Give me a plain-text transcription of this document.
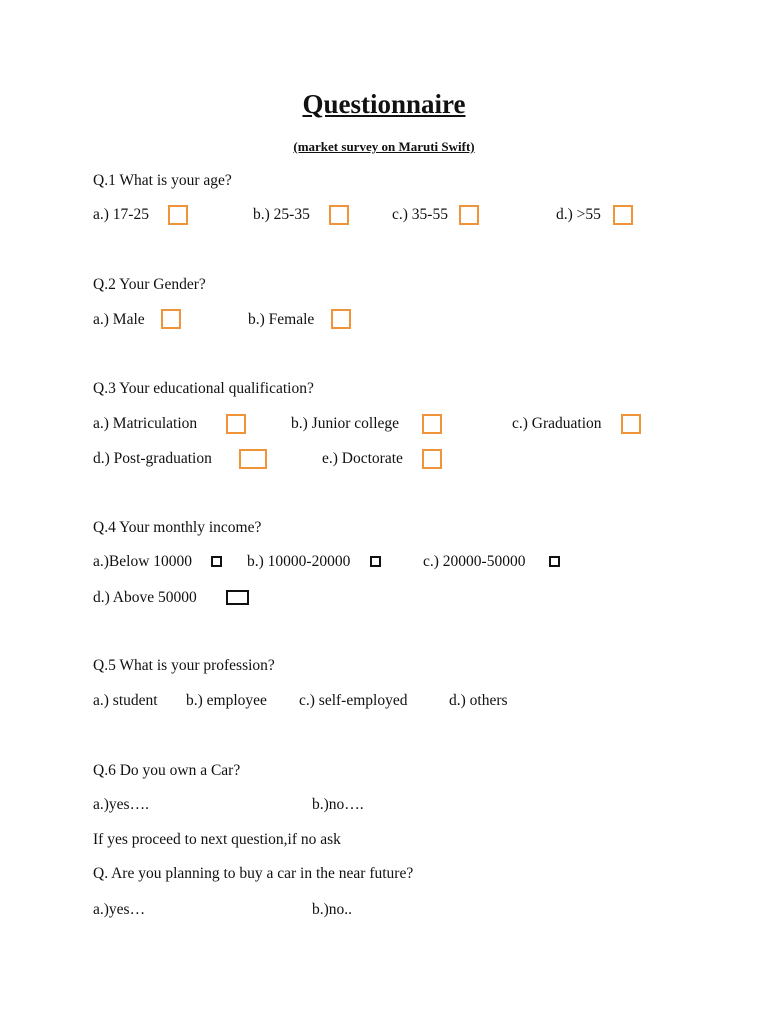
Questionnaire
(market survey on Maruti Swift)
Q.1 What is your age?
a.) 17-25	b.) 25-35	c.) 35-55	d.) >55
Q.2 Your Gender?
a.) Male	b.) Female
Q.3 Your educational qualification?
a.) Matriculation	b.) Junior college	c.) Graduation
d.) Post-graduation	e.) Doctorate
Q.4 Your monthly income?
a.)Below 10000	b.) 10000-20000	c.) 20000-50000
d.) Above 50000
Q.5 What is your profession?
a.) student b.) employee c.) self-employed	d.) others
Q.6 Do you own a Car?
a.)yes….	b.)no….
If yes proceed to next question,if no ask
Q. Are you planning to buy a car in the near future?
a.)yes…	b.)no..
